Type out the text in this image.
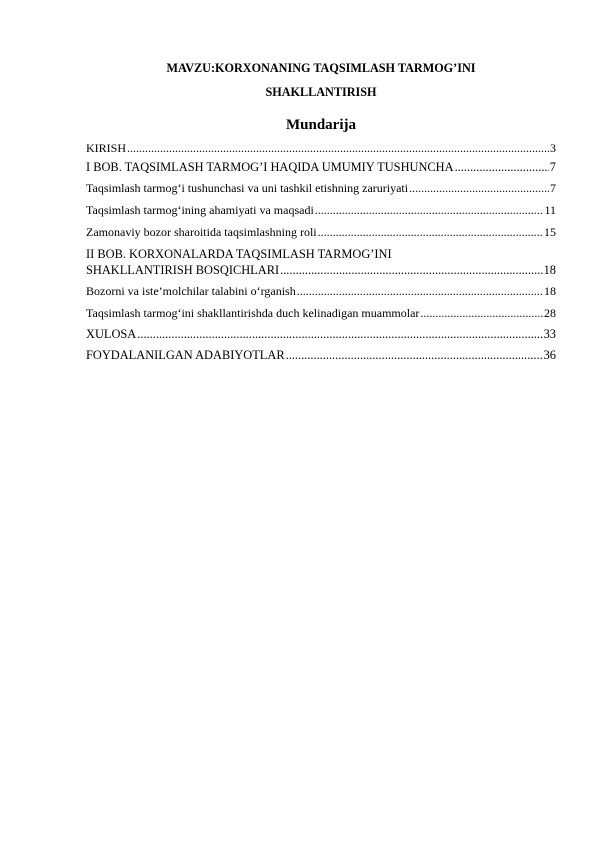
MAVZU:KORXONANING TAQSIMLASH TARMOG’INI
SHAKLLANTIRISH
Mundarija
KIRISH .....	3
I BOB. TAQSIMLASH TARMOG’I HAQIDA UMUMIY TUSHUNCHA .....	7
Taqsimlash tarmog‘i tushunchasi va uni tashkil etishning zaruriyati .....	7
Taqsimlash tarmog‘ining ahamiyati va maqsadi .....	11
Zamonaviy bozor sharoitida taqsimlashning roli .....	15
II BOB. KORXONALARDA TAQSIMLASH TARMOG’INI
SHAKLLANTIRISH BOSQICHLARI .....	18
Bozorni va iste’molchilar talabini o‘rganish .....	18
Taqsimlash tarmog‘ini shakllantirishda duch kelinadigan muammolar .....	28
XULOSA .....	33
FOYDALANILGAN ADABIYOTLAR .....	36
